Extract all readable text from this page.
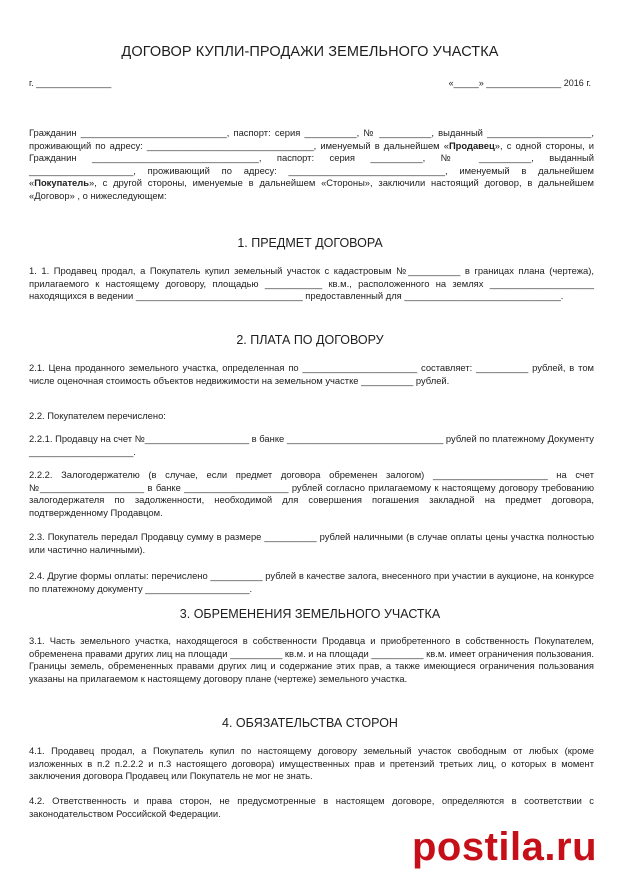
ДОГОВОР КУПЛИ-ПРОДАЖИ ЗЕМЕЛЬНОГО УЧАСТКА
г. _______________	«_____» _______________ 2016 г.
Гражданин ____________________________, паспорт: серия __________, № __________, выданный ____________________, проживающий по адресу: ________________________________, именуемый в дальнейшем «Продавец», с одной стороны, и Гражданин ________________________________, паспорт: серия __________, № __________, выданный ____________________, проживающий по адресу: ______________________________, именуемый в дальнейшем «Покупатель», с другой стороны, именуемые в дальнейшем «Стороны», заключили настоящий договор, в дальнейшем «Договор» , о нижеследующем:
1. ПРЕДМЕТ ДОГОВОРА
1. 1. Продавец продал, а Покупатель купил земельный участок с кадастровым №__________ в границах плана (чертежа), прилагаемого к настоящему договору, площадью ___________ кв.м., расположенного на землях ____________________ находящихся в ведении ________________________________ предоставленный для ______________________________.
2. ПЛАТА ПО ДОГОВОРУ
2.1. Цена проданного земельного участка, определенная по ______________________ составляет: __________ рублей, в том числе оценочная стоимость объектов недвижимости на земельном участке __________ рублей.
2.2. Покупателем перечислено:
2.2.1. Продавцу на счет №____________________ в банке ______________________________ рублей по платежному Документу ____________________.
2.2.2. Залогодержателю (в случае, если предмет договора обременен залогом) ______________________ на счет №____________________ в банке ____________________ рублей согласно прилагаемому к настоящему договору требованию залогодержателя по задолженности, необходимой для совершения погашения закладной на предмет договора, подтвержденному Продавцом.
2.3. Покупатель передал Продавцу сумму в размере __________ рублей наличными (в случае оплаты цены участка полностью или частично наличными).
2.4. Другие формы оплаты: перечислено __________ рублей в качестве залога, внесенного при участии в аукционе, на конкурсе по платежному документу ____________________.
3. ОБРЕМЕНЕНИЯ ЗЕМЕЛЬНОГО УЧАСТКА
3.1. Часть земельного участка, находящегося в собственности Продавца и приобретенного в собственность Покупателем, обременена правами других лиц на площади __________ кв.м. и на площади __________ кв.м. имеет ограничения пользования. Границы земель, обремененных правами других лиц и содержание этих прав, а также имеющиеся ограничения пользования указаны на прилагаемом к настоящему договору плане (чертеже) земельного участка.
4. ОБЯЗАТЕЛЬСТВА СТОРОН
4.1. Продавец продал, а Покупатель купил по настоящему договору земельный участок свободным от любых (кроме изложенных в п.2 п.2.2.2 и п.3 настоящего договора) имущественных прав и претензий третьих лиц, о которых в момент заключения договора Продавец или Покупатель не мог не знать.
4.2. Ответственность и права сторон, не предусмотренные в настоящем договоре, определяются в соответствии с законодательством Российской Федерации.
postila.ru
